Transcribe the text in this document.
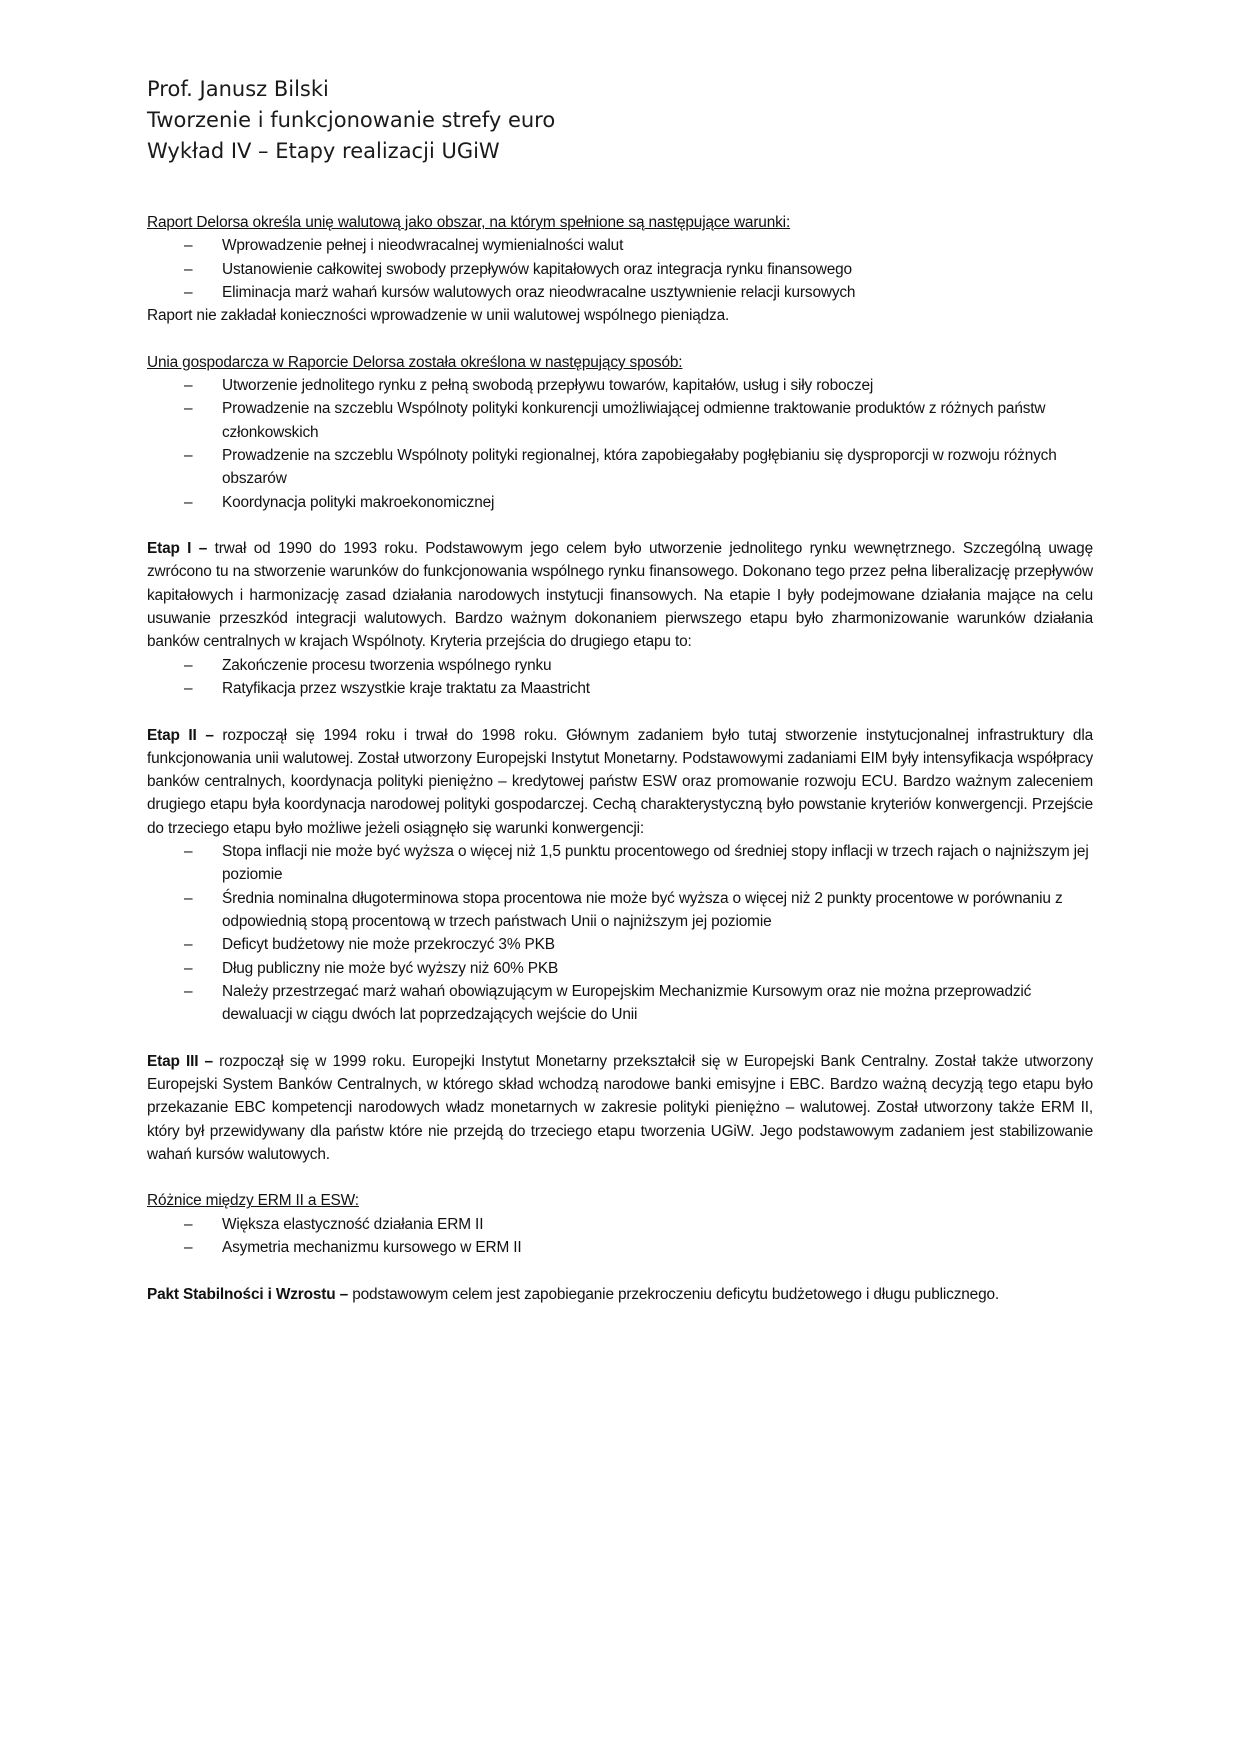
Prof. Janusz Bilski
Tworzenie i funkcjonowanie strefy euro
Wykład IV – Etapy realizacji UGiW

Raport Delorsa określa unię walutową jako obszar, na którym spełnione są następujące warunki:

–	Wprowadzenie pełnej i nieodwracalnej wymienialności walut
–	Ustanowienie całkowitej swobody przepływów kapitałowych oraz integracja rynku finansowego
–	Eliminacja marż wahań kursów walutowych oraz nieodwracalne usztywnienie relacji kursowych

Raport nie zakładał konieczności wprowadzenie w unii walutowej wspólnego pieniądza.

Unia gospodarcza w Raporcie Delorsa została określona w następujący sposób:

–	Utworzenie jednolitego rynku z pełną swobodą przepływu towarów, kapitałów, usług i siły roboczej
–	Prowadzenie na szczeblu Wspólnoty polityki konkurencji umożliwiającej odmienne traktowanie produktów z różnych państw członkowskich
–	Prowadzenie na szczeblu Wspólnoty polityki regionalnej, która zapobiegałaby pogłębianiu się dysproporcji w rozwoju różnych obszarów
–	Koordynacja polityki makroekonomicznej

Etap I – trwał od 1990 do 1993 roku. Podstawowym jego celem było utworzenie jednolitego rynku wewnętrznego. Szczególną uwagę zwrócono tu na stworzenie warunków do funkcjonowania wspólnego rynku finansowego. Dokonano tego przez pełna liberalizację przepływów kapitałowych i harmonizację zasad działania narodowych instytucji finansowych. Na etapie I były podejmowane działania mające na celu usuwanie przeszkód integracji walutowych. Bardzo ważnym dokonaniem pierwszego etapu było zharmonizowanie warunków działania banków centralnych w krajach Wspólnoty. Kryteria przejścia do drugiego etapu to:

–	Zakończenie procesu tworzenia wspólnego rynku
–	Ratyfikacja przez wszystkie kraje traktatu za Maastricht

Etap II – rozpoczął się 1994 roku i trwał do 1998 roku. Głównym zadaniem było tutaj stworzenie instytucjonalnej infrastruktury dla funkcjonowania unii walutowej. Został utworzony Europejski Instytut Monetarny. Podstawowymi zadaniami EIM były intensyfikacja współpracy banków centralnych, koordynacja polityki pieniężno – kredytowej państw ESW oraz promowanie rozwoju ECU. Bardzo ważnym zaleceniem drugiego etapu była koordynacja narodowej polityki gospodarczej. Cechą charakterystyczną było powstanie kryteriów konwergencji. Przejście do trzeciego etapu było możliwe jeżeli osiągnęło się warunki konwergencji:

–	Stopa inflacji nie może być wyższa o więcej niż 1,5 punktu procentowego od średniej stopy inflacji w trzech rajach o najniższym jej poziomie
–	Średnia nominalna długoterminowa stopa procentowa nie może być wyższa o więcej niż 2 punkty procentowe w porównaniu z odpowiednią stopą procentową w trzech państwach Unii o najniższym jej poziomie
–	Deficyt budżetowy nie może przekroczyć 3% PKB
–	Dług publiczny nie może być wyższy niż 60% PKB
–	Należy przestrzegać marż wahań obowiązującym w Europejskim Mechanizmie Kursowym oraz nie można przeprowadzić dewaluacji w ciągu dwóch lat poprzedzających wejście do Unii

Etap III – rozpoczął się w 1999 roku. Europejki Instytut Monetarny przekształcił się w Europejski Bank Centralny. Został także utworzony Europejski System Banków Centralnych, w którego skład wchodzą narodowe banki emisyjne i EBC. Bardzo ważną decyzją tego etapu było przekazanie EBC kompetencji narodowych władz monetarnych w zakresie polityki pieniężno – walutowej. Został utworzony także ERM II, który był przewidywany dla państw które nie przejdą do trzeciego etapu tworzenia UGiW. Jego podstawowym zadaniem jest stabilizowanie wahań kursów walutowych.

Różnice między ERM II a ESW:

–	Większa elastyczność działania ERM II
–	Asymetria mechanizmu kursowego w ERM II

Pakt Stabilności i Wzrostu – podstawowym celem jest zapobieganie przekroczeniu deficytu budżetowego i długu publicznego.
